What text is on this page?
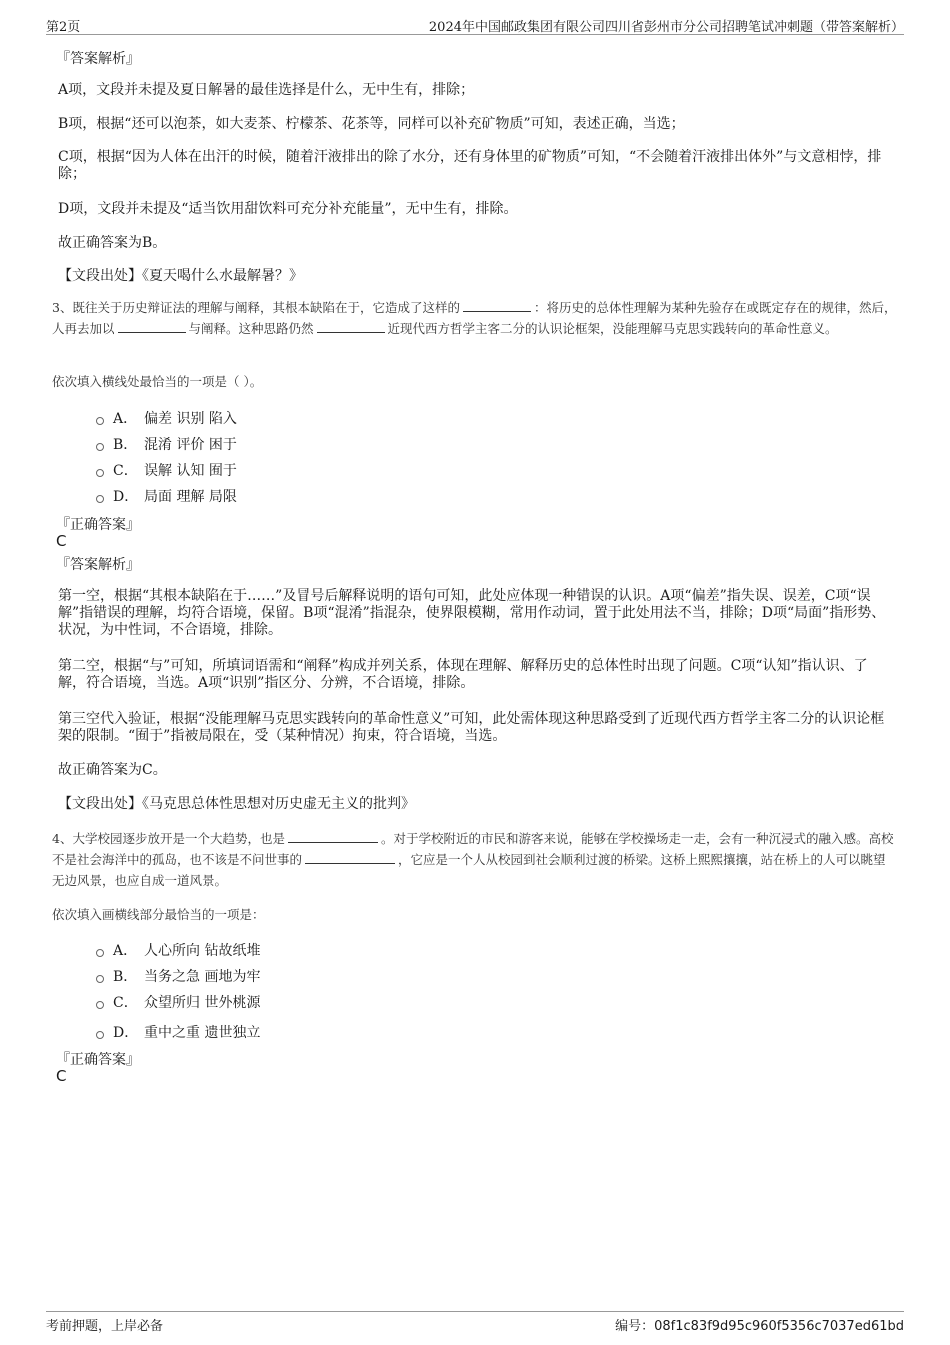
第2页	2024年中国邮政集团有限公司四川省彭州市分公司招聘笔试冲刺题（带答案解析）
『答案解析』
A项，文段并未提及夏日解暑的最佳选择是什么，无中生有，排除；
B项，根据“还可以泡茶，如大麦茶、柠檬茶、花茶等，同样可以补充矿物质”可知，表述正确，当选；
C项，根据“因为人体在出汗的时候，随着汗液排出的除了水分，还有身体里的矿物质”可知，“不会随着汗液排出体外”与文意相悖，排除；
D项，文段并未提及“适当饮用甜饮料可充分补充能量”，无中生有，排除。
故正确答案为B。
【文段出处】《夏天喝什么水最解暑？》
3、既往关于历史辩证法的理解与阐释，其根本缺陷在于，它造成了这样的	：将历史的总体性理解为某种先验存在或既定存在的规律，然后，人再去加以	与阐释。这种思路仍然	近现代西方哲学主客二分的认识论框架，没能理解马克思实践转向的革命性意义。
依次填入横线处最恰当的一项是（ ）。
A． 偏差 识别 陷入
B． 混淆 评价 困于
C． 误解 认知 囿于
D． 局面 理解 局限
『正确答案』
C
『答案解析』
第一空，根据“其根本缺陷在于……”及冒号后解释说明的语句可知，此处应体现一种错误的认识。A项“偏差”指失误、误差，C项“误解”指错误的理解，均符合语境，保留。B项“混淆”指混杂，使界限模糊，常用作动词，置于此处用法不当，排除；D项“局面”指形势、状况，为中性词，不合语境，排除。
第二空，根据“与”可知，所填词语需和“阐释”构成并列关系，体现在理解、解释历史的总体性时出现了问题。C项“认知”指认识、了解，符合语境，当选。A项“识别”指区分、分辨，不合语境，排除。
第三空代入验证，根据“没能理解马克思实践转向的革命性意义”可知，此处需体现这种思路受到了近现代西方哲学主客二分的认识论框架的限制。“囿于”指被局限在，受（某种情况）拘束，符合语境，当选。
故正确答案为C。
【文段出处】《马克思总体性思想对历史虚无主义的批判》
4、大学校园逐步放开是一个大趋势，也是	。对于学校附近的市民和游客来说，能够在学校操场走一走，会有一种沉浸式的融入感。高校不是社会海洋中的孤岛，也不该是不问世事的	，它应是一个人从校园到社会顺利过渡的桥梁。这桥上熙熙攘攘，站在桥上的人可以眺望无边风景，也应自成一道风景。
依次填入画横线部分最恰当的一项是：
A． 人心所向 钻故纸堆
B． 当务之急 画地为牢
C． 众望所归 世外桃源
D． 重中之重 遗世独立
『正确答案』
C
考前押题，上岸必备	编号：08f1c83f9d95c960f5356c7037ed61bd
